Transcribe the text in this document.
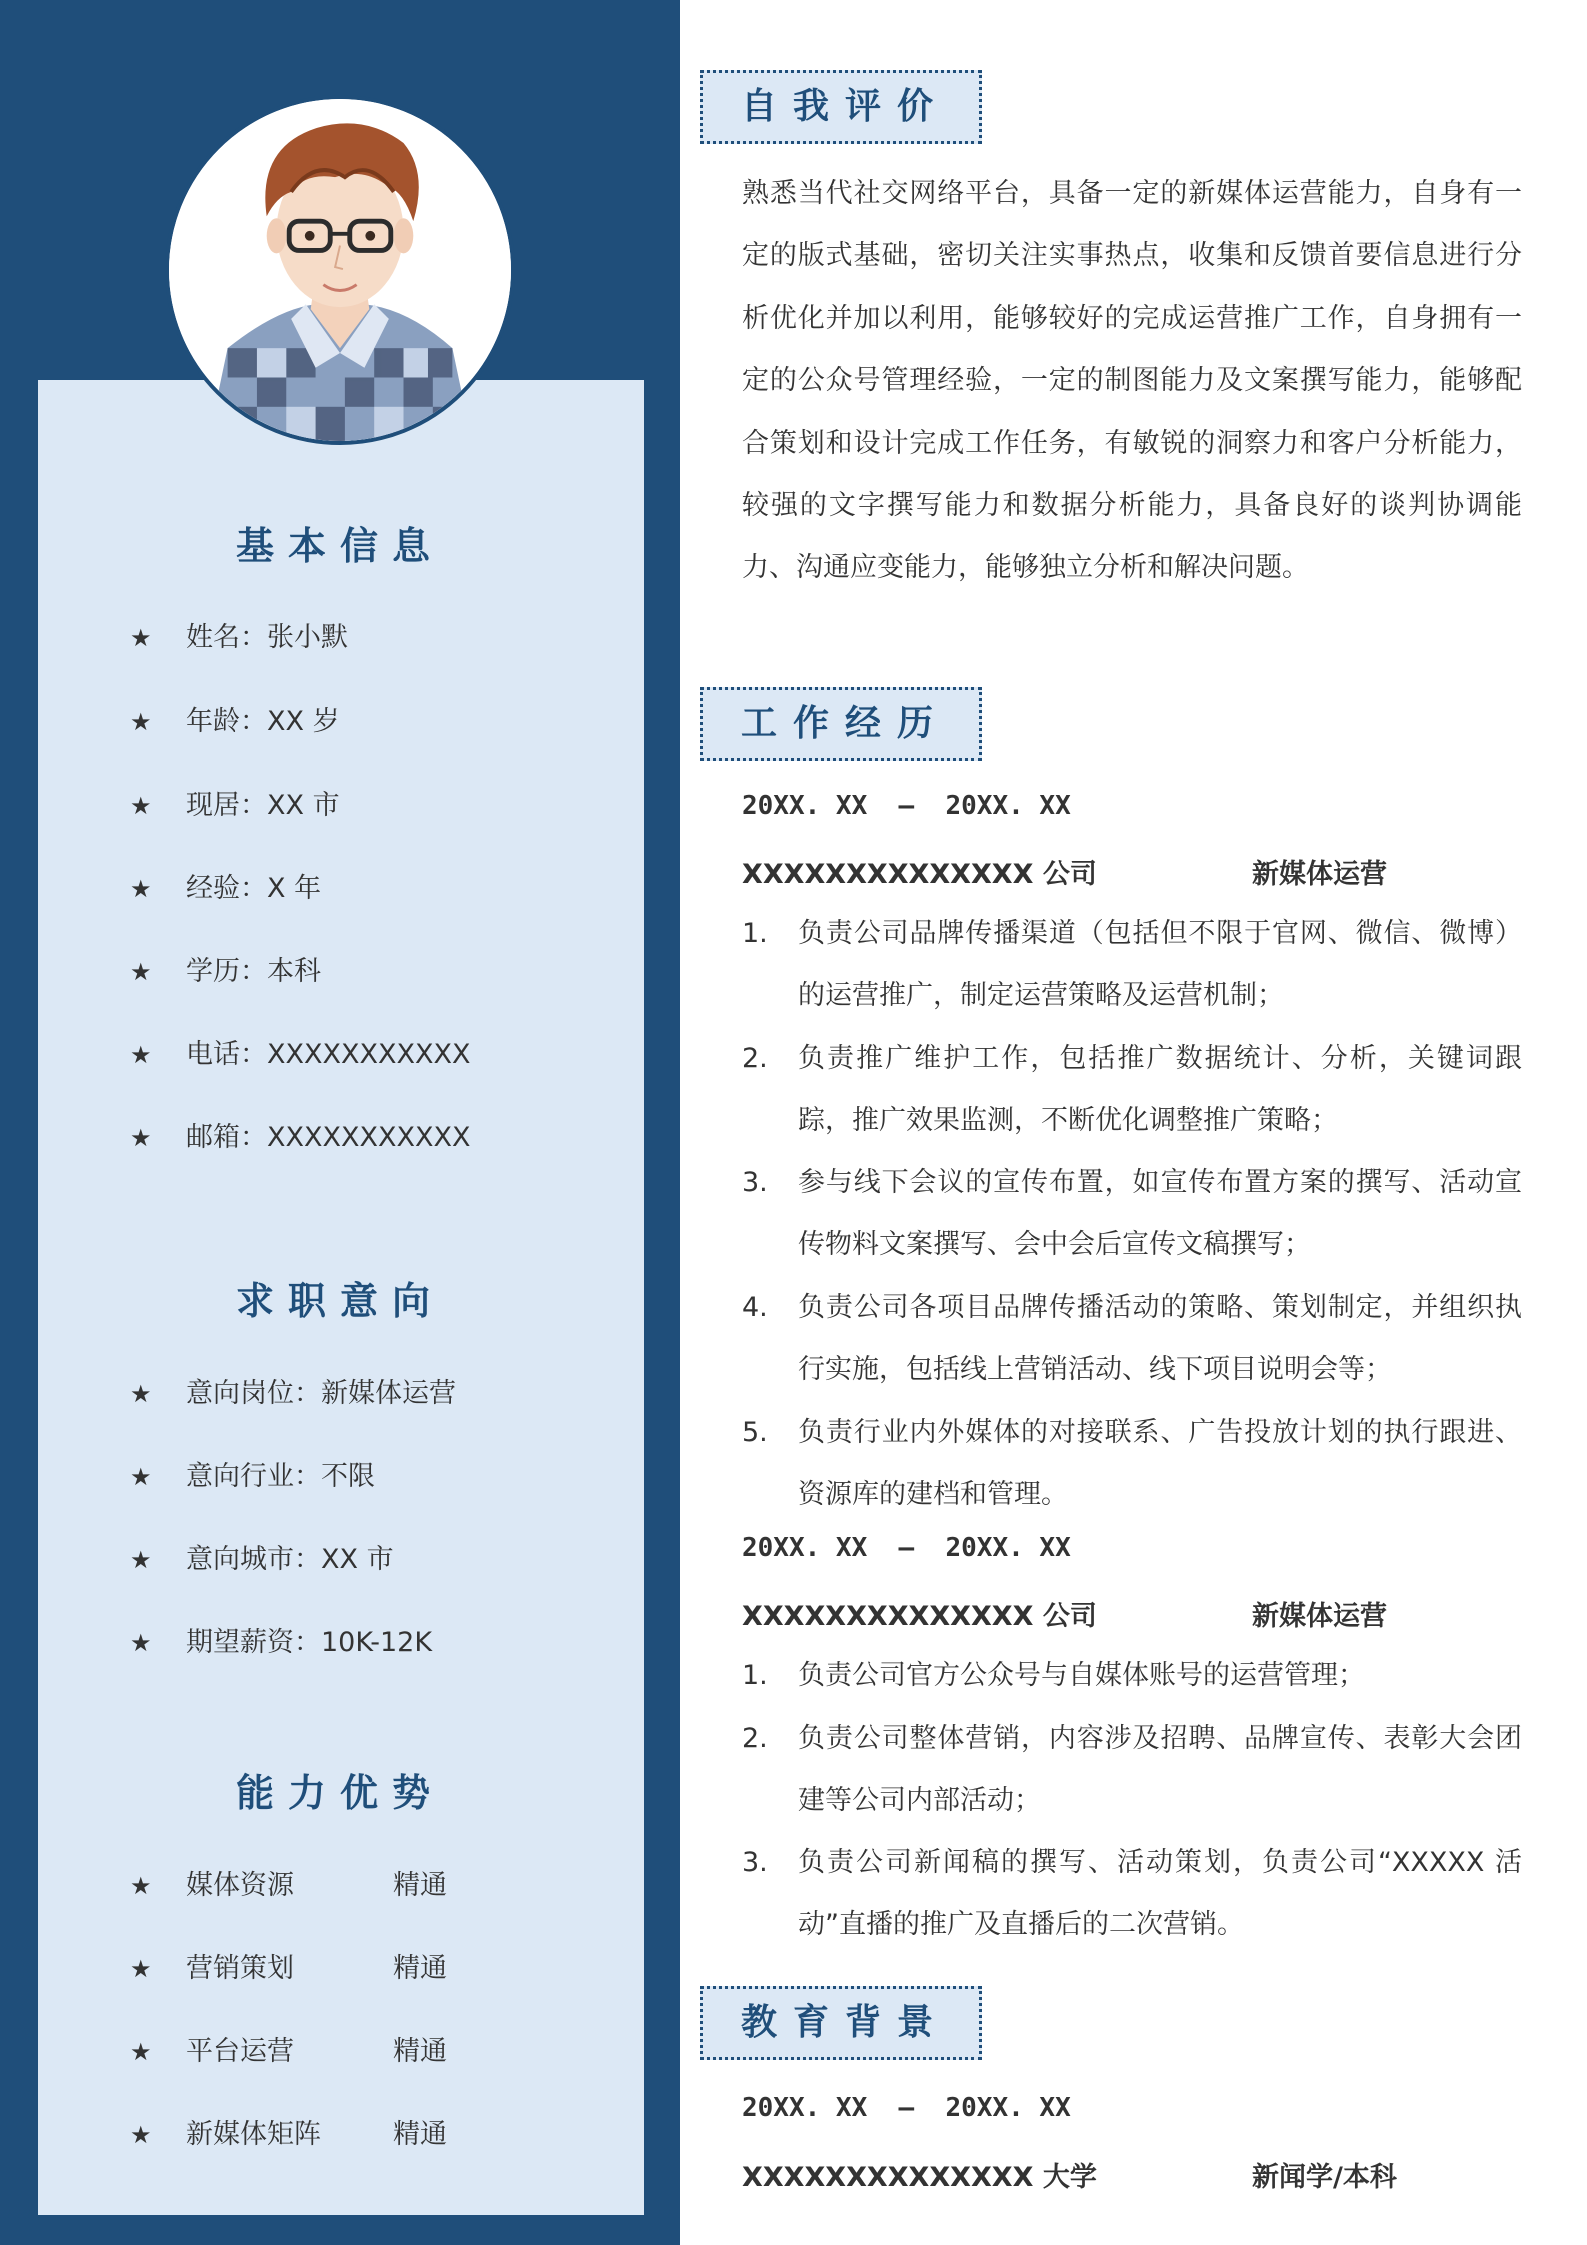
基本信息
★ 姓名：张小默
★ 年龄：XX 岁
★ 现居：XX 市
★ 经验：X 年
★ 学历：本科
★ 电话：XXXXXXXXXXX
★ 邮箱：XXXXXXXXXXX
求职意向
★ 意向岗位：新媒体运营
★ 意向行业：不限
★ 意向城市：XX 市
★ 期望薪资：10K-12K
能力优势
★ 媒体资源	精通
★ 营销策划	精通
★ 平台运营	精通
★ 新媒体矩阵	精通
自我评价
熟悉当代社交网络平台，具备一定的新媒体运营能力，自身有一定的版式基础，密切关注实事热点，收集和反馈首要信息进行分析优化并加以利用，能够较好的完成运营推广工作，自身拥有一定的公众号管理经验，一定的制图能力及文案撰写能力，能够配合策划和设计完成工作任务，有敏锐的洞察力和客户分析能力，较强的文字撰写能力和数据分析能力，具备良好的谈判协调能力、沟通应变能力，能够独立分析和解决问题。
工作经历
20XX. XX  –  20XX. XX
XXXXXXXXXXXXXX 公司	新媒体运营
1.	负责公司品牌传播渠道（包括但不限于官网、微信、微博）的运营推广，制定运营策略及运营机制；
2.	负责推广维护工作，包括推广数据统计、分析，关键词跟踪，推广效果监测，不断优化调整推广策略；
3.	参与线下会议的宣传布置，如宣传布置方案的撰写、活动宣传物料文案撰写、会中会后宣传文稿撰写；
4.	负责公司各项目品牌传播活动的策略、策划制定，并组织执行实施，包括线上营销活动、线下项目说明会等；
5.	负责行业内外媒体的对接联系、广告投放计划的执行跟进、资源库的建档和管理。
20XX. XX  –  20XX. XX
XXXXXXXXXXXXXX 公司	新媒体运营
1.	负责公司官方公众号与自媒体账号的运营管理；
2.	负责公司整体营销，内容涉及招聘、品牌宣传、表彰大会团建等公司内部活动；
3.	负责公司新闻稿的撰写、活动策划，负责公司“XXXXX 活动”直播的推广及直播后的二次营销。
教育背景
20XX. XX  –  20XX. XX
XXXXXXXXXXXXXX 大学	新闻学/本科
